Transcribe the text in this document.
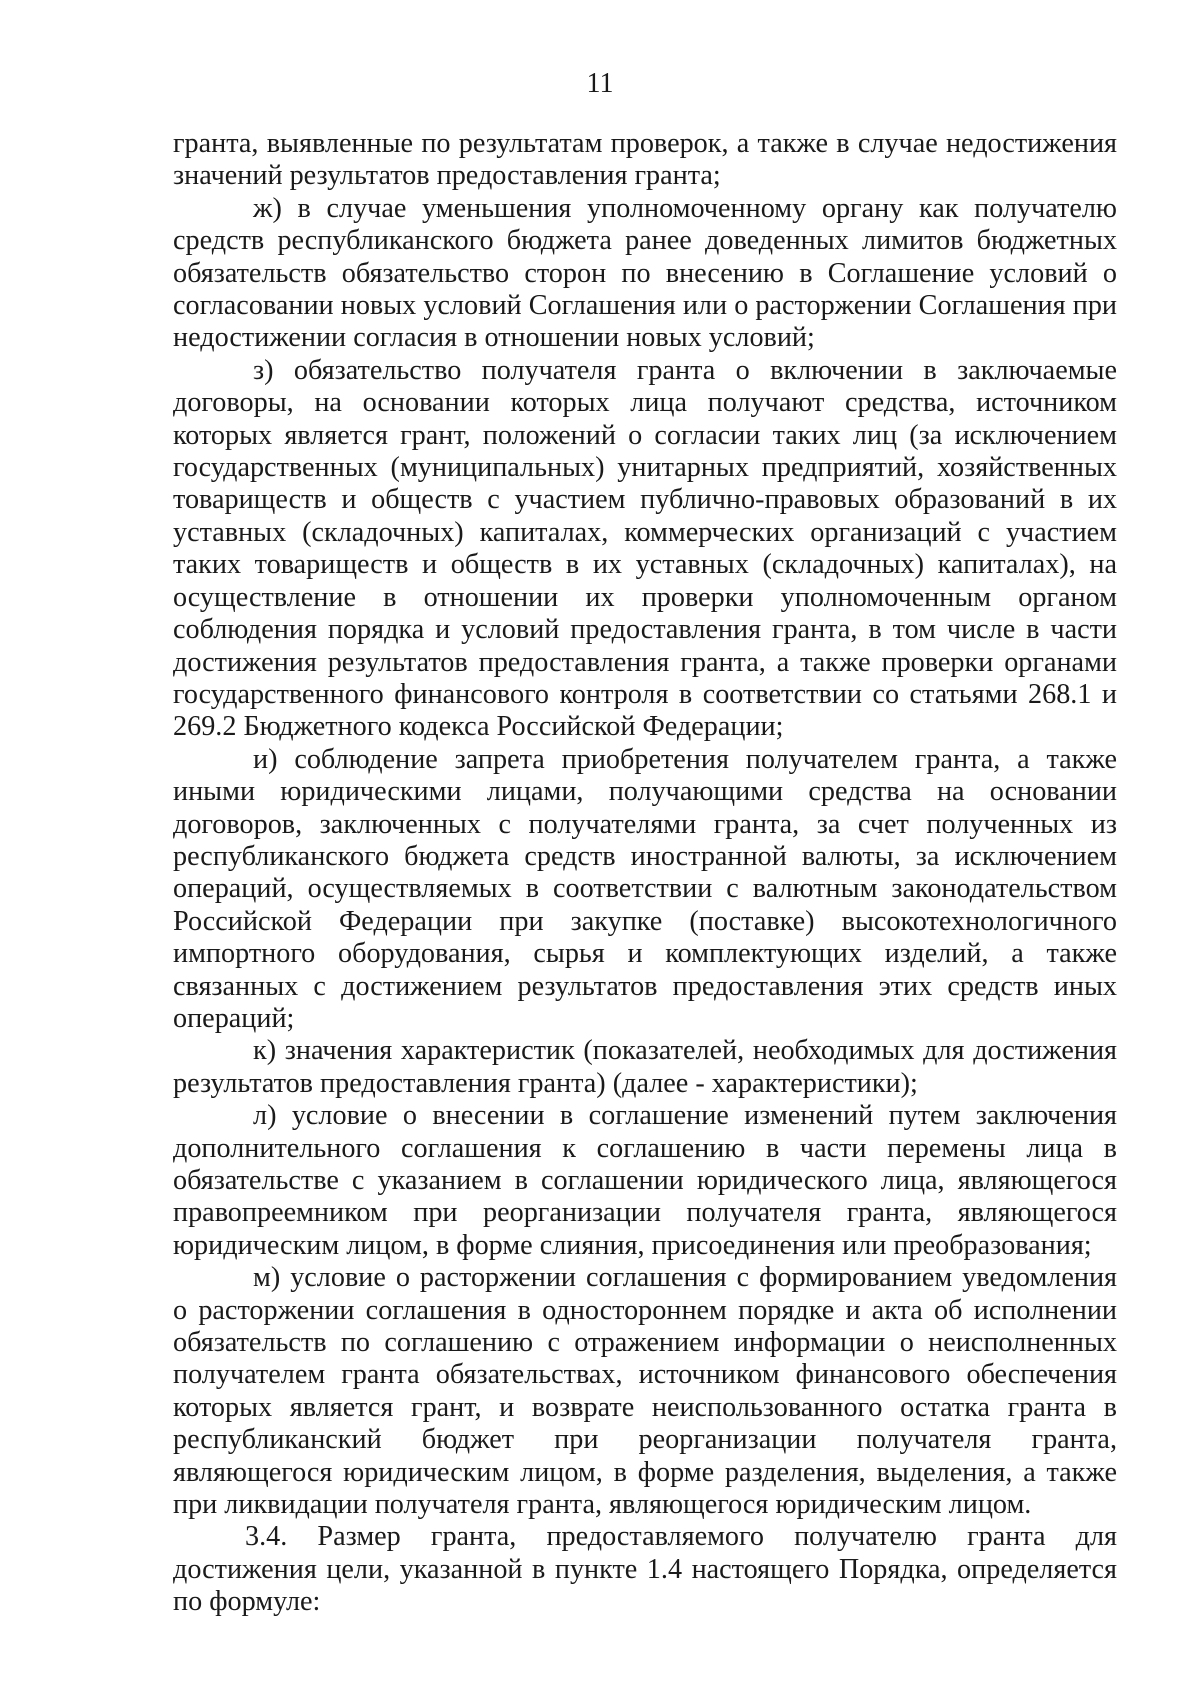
11

гранта, выявленные по результатам проверок, а также в случае недостижения значений результатов предоставления гранта;

ж) в случае уменьшения уполномоченному органу как получателю средств республиканского бюджета ранее доведенных лимитов бюджетных обязательств обязательство сторон по внесению в Соглашение условий о согласовании новых условий Соглашения или о расторжении Соглашения при недостижении согласия в отношении новых условий;

з) обязательство получателя гранта о включении в заключаемые договоры, на основании которых лица получают средства, источником которых является грант, положений о согласии таких лиц (за исключением государственных (муниципальных) унитарных предприятий, хозяйственных товариществ и обществ с участием публично-правовых образований в их уставных (складочных) капиталах, коммерческих организаций с участием таких товариществ и обществ в их уставных (складочных) капиталах), на осуществление в отношении их проверки уполномоченным органом соблюдения порядка и условий предоставления гранта, в том числе в части достижения результатов предоставления гранта, а также проверки органами государственного финансового контроля в соответствии со статьями 268.1 и 269.2 Бюджетного кодекса Российской Федерации;

и) соблюдение запрета приобретения получателем гранта, а также иными юридическими лицами, получающими средства на основании договоров, заключенных с получателями гранта, за счет полученных из республиканского бюджета средств иностранной валюты, за исключением операций, осуществляемых в соответствии с валютным законодательством Российской Федерации при закупке (поставке) высокотехнологичного импортного оборудования, сырья и комплектующих изделий, а также связанных с достижением результатов предоставления этих средств иных операций;

к) значения характеристик (показателей, необходимых для достижения результатов предоставления гранта) (далее - характеристики);

л) условие о внесении в соглашение изменений путем заключения дополнительного соглашения к соглашению в части перемены лица в обязательстве с указанием в соглашении юридического лица, являющегося правопреемником при реорганизации получателя гранта, являющегося юридическим лицом, в форме слияния, присоединения или преобразования;

м) условие о расторжении соглашения с формированием уведомления о расторжении соглашения в одностороннем порядке и акта об исполнении обязательств по соглашению с отражением информации о неисполненных получателем гранта обязательствах, источником финансового обеспечения которых является грант, и возврате неиспользованного остатка гранта в республиканский бюджет при реорганизации получателя гранта, являющегося юридическим лицом, в форме разделения, выделения, а также при ликвидации получателя гранта, являющегося юридическим лицом.

3.4. Размер гранта, предоставляемого получателю гранта для достижения цели, указанной в пункте 1.4 настоящего Порядка, определяется по формуле:
